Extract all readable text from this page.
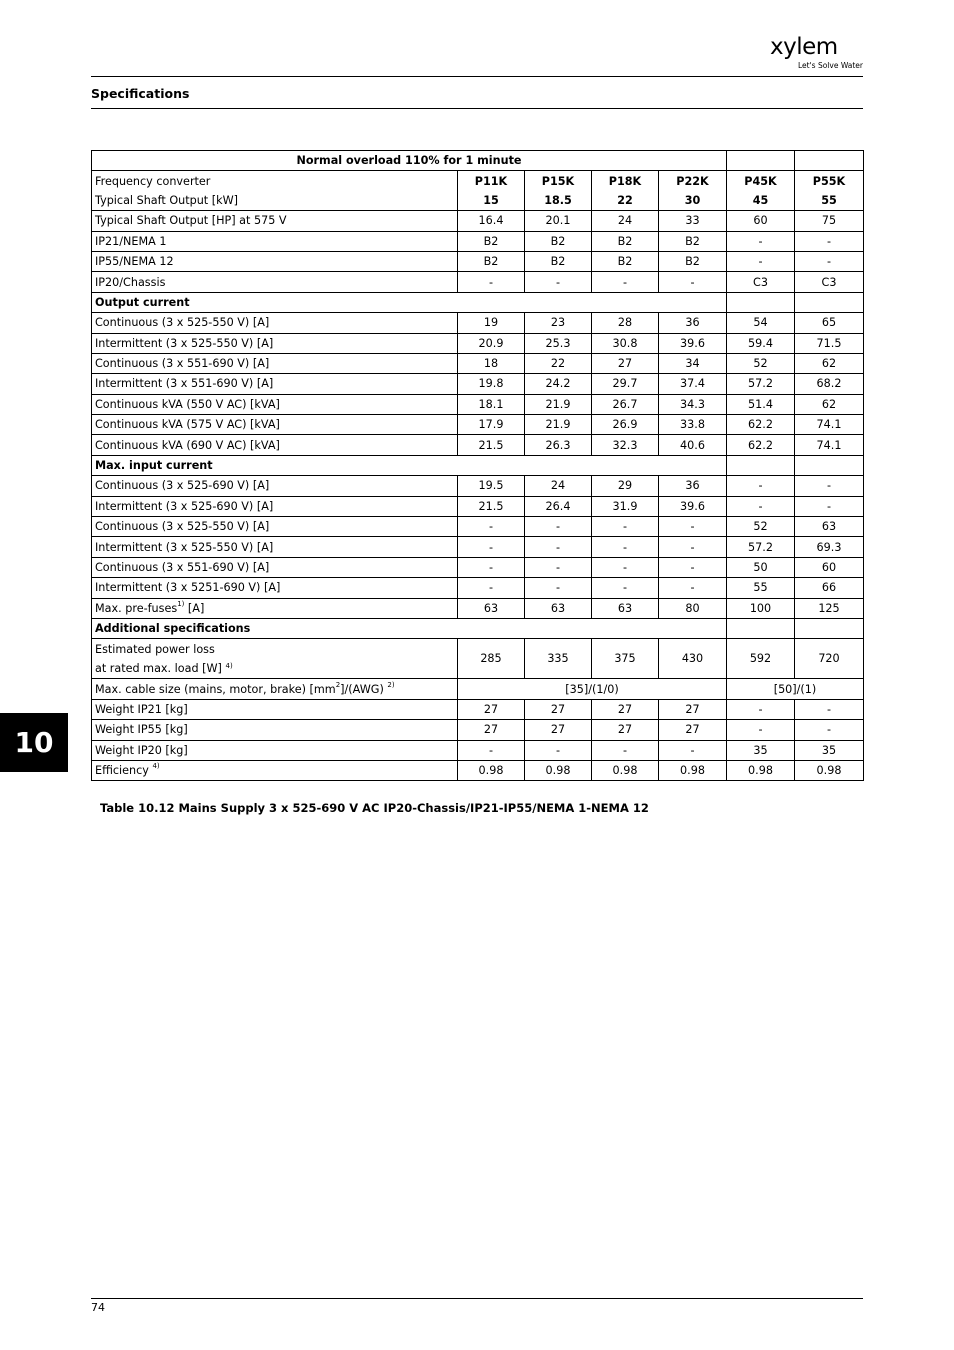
xylem
Let's Solve Water
Specifications
Normal overload 110% for 1 minute						
Frequency converter	P11K	P15K	P18K	P22K	P45K	P55K
Typical Shaft Output [kW]	15	18.5	22	30	45	55
Typical Shaft Output [HP] at 575 V	16.4	20.1	24	33	60	75
IP21/NEMA 1	B2	B2	B2	B2	-	-
IP55/NEMA 12	B2	B2	B2	B2	-	-
IP20/Chassis	-	-	-	-	C3	C3
Output current						
Continuous (3 x 525-550 V) [A]	19	23	28	36	54	65
Intermittent (3 x 525-550 V) [A]	20.9	25.3	30.8	39.6	59.4	71.5
Continuous (3 x 551-690 V) [A]	18	22	27	34	52	62
Intermittent (3 x 551-690 V) [A]	19.8	24.2	29.7	37.4	57.2	68.2
Continuous kVA (550 V AC) [kVA]	18.1	21.9	26.7	34.3	51.4	62
Continuous kVA (575 V AC) [kVA]	17.9	21.9	26.9	33.8	62.2	74.1
Continuous kVA (690 V AC) [kVA]	21.5	26.3	32.3	40.6	62.2	74.1
Max. input current						
Continuous (3 x 525-690 V) [A]	19.5	24	29	36	-	-
Intermittent (3 x 525-690 V) [A]	21.5	26.4	31.9	39.6	-	-
Continuous (3 x 525-550 V) [A]	-	-	-	-	52	63
Intermittent (3 x 525-550 V) [A]	-	-	-	-	57.2	69.3
Continuous (3 x 551-690 V) [A]	-	-	-	-	50	60
Intermittent (3 x 5251-690 V) [A]	-	-	-	-	55	66
Max. pre-fuses$^{1)}$ [A]	63	63	63	80	100	125
Additional specifications						
Estimated power loss
at rated max. load [W] $^{4)}$	285	335	375	430	592	720
Max. cable size (mains, motor, brake) $[mm^2]/(AWG)$ $^{2)}$	[35]/(1/0)				[50]/(1)	
Weight IP21 [kg]	27	27	27	27	-	-
Weight IP55 [kg]	27	27	27	27	-	-
Weight IP20 [kg]	-	-	-	-	35	35
Efficiency $^{4)}$	0.98	0.98	0.98	0.98	0.98	0.98
Table 10.12 Mains Supply 3 x 525-690 V AC IP20-Chassis/IP21-IP55/NEMA 1-NEMA 12
10
74
